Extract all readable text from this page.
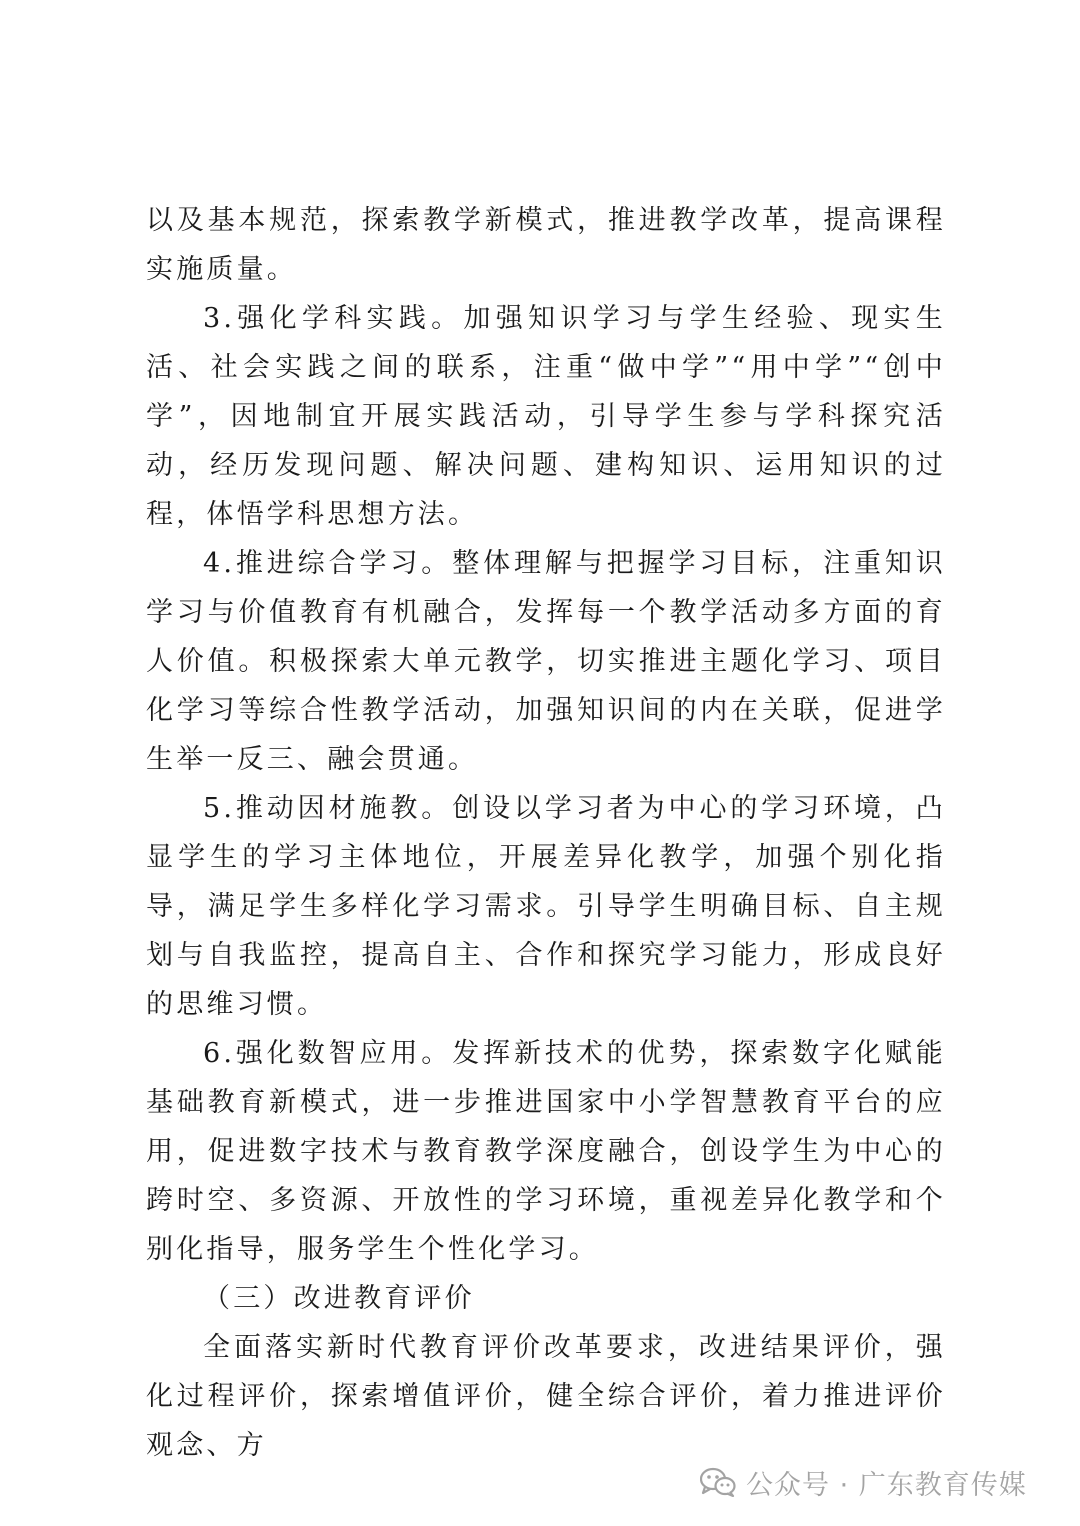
以及基本规范，探索教学新模式，推进教学改革，提高课程实施质量。

3.强化学科实践。加强知识学习与学生经验、现实生活、社会实践之间的联系，注重“做中学”“用中学”“创中学”，因地制宜开展实践活动，引导学生参与学科探究活动，经历发现问题、解决问题、建构知识、运用知识的过程，体悟学科思想方法。

4.推进综合学习。整体理解与把握学习目标，注重知识学习与价值教育有机融合，发挥每一个教学活动多方面的育人价值。积极探索大单元教学，切实推进主题化学习、项目化学习等综合性教学活动，加强知识间的内在关联，促进学生举一反三、融会贯通。

5.推动因材施教。创设以学习者为中心的学习环境，凸显学生的学习主体地位，开展差异化教学，加强个别化指导，满足学生多样化学习需求。引导学生明确目标、自主规划与自我监控，提高自主、合作和探究学习能力，形成良好的思维习惯。

6.强化数智应用。发挥新技术的优势，探索数字化赋能基础教育新模式，进一步推进国家中小学智慧教育平台的应用，促进数字技术与教育教学深度融合，创设学生为中心的跨时空、多资源、开放性的学习环境，重视差异化教学和个别化指导，服务学生个性化学习。

（三）改进教育评价

全面落实新时代教育评价改革要求，改进结果评价，强化过程评价，探索增值评价，健全综合评价，着力推进评价观念、方

公众号 · 广东教育传媒
